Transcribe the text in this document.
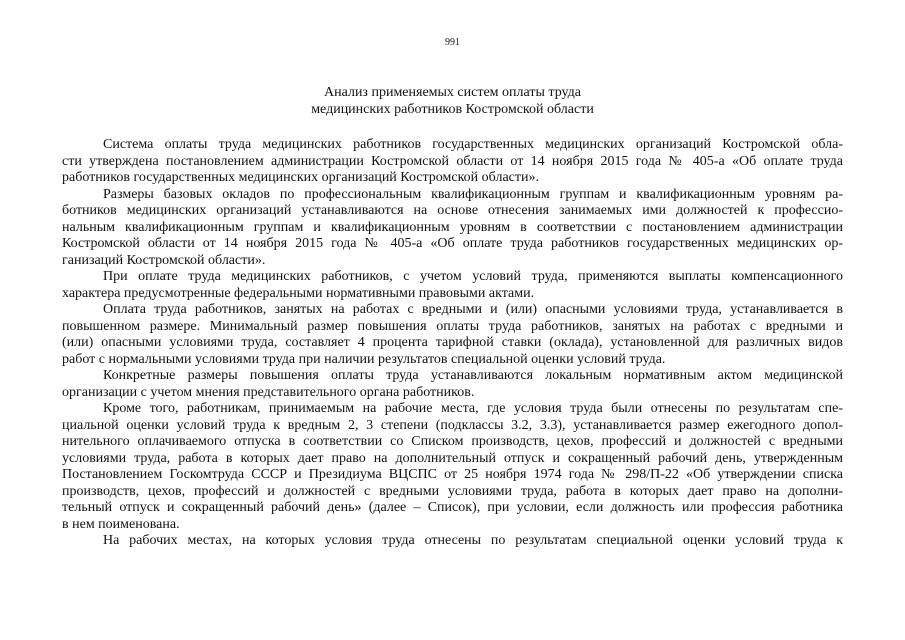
991
Анализ применяемых систем оплаты труда
медицинских работников Костромской области
Система оплаты труда медицинских работников государственных медицинских организаций Костромской обла-
сти утверждена постановлением администрации Костромской области от 14 ноября 2015 года № 405-а «Об оплате труда
работников государственных медицинских организаций Костромской области».
Размеры базовых окладов по профессиональным квалификационным группам и квалификационным уровням ра-
ботников медицинских организаций устанавливаются на основе отнесения занимаемых ими должностей к профессио-
нальным квалификационным группам и квалификационным уровням в соответствии с постановлением администрации
Костромской области от 14 ноября 2015 года № 405-а «Об оплате труда работников государственных медицинских ор-
ганизаций Костромской области».
При оплате труда медицинских работников, с учетом условий труда, применяются выплаты компенсационного
характера предусмотренные федеральными нормативными правовыми актами.
Оплата труда работников, занятых на работах с вредными и (или) опасными условиями труда, устанавливается в
повышенном размере. Минимальный размер повышения оплаты труда работников, занятых на работах с вредными и
(или) опасными условиями труда, составляет 4 процента тарифной ставки (оклада), установленной для различных видов
работ с нормальными условиями труда при наличии результатов специальной оценки условий труда.
Конкретные размеры повышения оплаты труда устанавливаются локальным нормативным актом медицинской
организации с учетом мнения представительного органа работников.
Кроме того, работникам, принимаемым на рабочие места, где условия труда были отнесены по результатам спе-
циальной оценки условий труда к вредным 2, 3 степени (подклассы 3.2, 3.3), устанавливается размер ежегодного допол-
нительного оплачиваемого отпуска в соответствии со Списком производств, цехов, профессий и должностей с вредными
условиями труда, работа в которых дает право на дополнительный отпуск и сокращенный рабочий день, утвержденным
Постановлением Госкомтруда СССР и Президиума ВЦСПС от 25 ноября 1974 года № 298/П-22 «Об утверждении списка
производств, цехов, профессий и должностей с вредными условиями труда, работа в которых дает право на дополни-
тельный отпуск и сокращенный рабочий день» (далее – Список), при условии, если должность или профессия работника
в нем поименована.
На рабочих местах, на которых условия труда отнесены по результатам специальной оценки условий труда к
